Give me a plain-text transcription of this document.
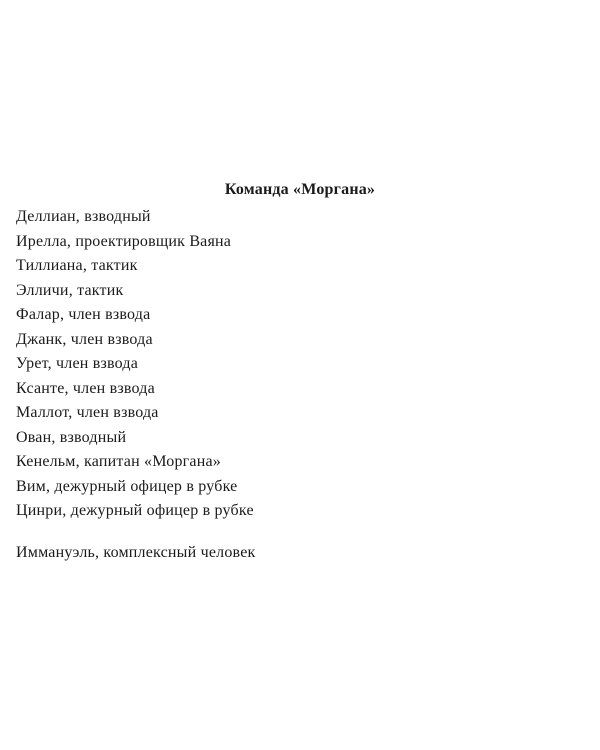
Команда «Моргана»
Деллиан, взводный
Ирелла, проектировщик Ваяна
Тиллиана, тактик
Элличи, тактик
Фалар, член взвода
Джанк, член взвода
Урет, член взвода
Ксанте, член взвода
Маллот, член взвода
Ован, взводный
Кенельм, капитан «Моргана»
Вим, дежурный офицер в рубке
Цинри, дежурный офицер в рубке
Иммануэль, комплексный человек
